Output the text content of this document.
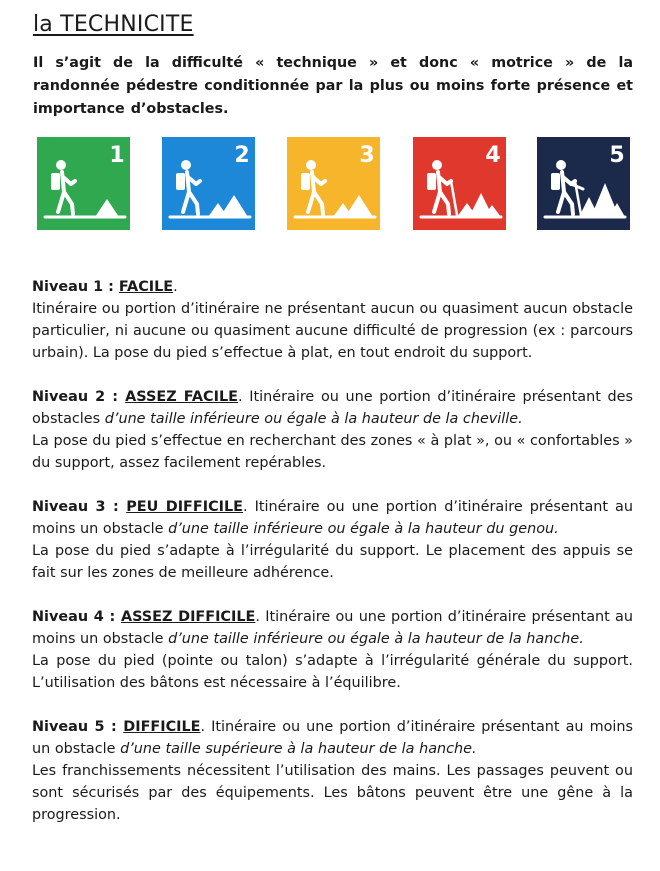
la TECHNICITE
Il s’agit de la difficulté « technique » et donc « motrice » de la randonnée pédestre conditionnée par la plus ou moins forte présence et importance d’obstacles.
1	2	3	4	5

Niveau 1 : FACILE.
Itinéraire ou portion d’itinéraire ne présentant aucun ou quasiment aucun obstacle particulier, ni aucune ou quasiment aucune difficulté de progression (ex : parcours urbain). La pose du pied s’effectue à plat, en tout endroit du support.

Niveau 2 : ASSEZ FACILE. Itinéraire ou une portion d’itinéraire présentant des obstacles d’une taille inférieure ou égale à la hauteur de la cheville.
La pose du pied s’effectue en recherchant des zones « à plat », ou « confortables » du support, assez facilement repérables.

Niveau 3 : PEU DIFFICILE. Itinéraire ou une portion d’itinéraire présentant au moins un obstacle d’une taille inférieure ou égale à la hauteur du genou.
La pose du pied s’adapte à l’irrégularité du support. Le placement des appuis se fait sur les zones de meilleure adhérence.

Niveau 4 : ASSEZ DIFFICILE. Itinéraire ou une portion d’itinéraire présentant au moins un obstacle d’une taille inférieure ou égale à la hauteur de la hanche.
La pose du pied (pointe ou talon) s’adapte à l’irrégularité générale du support. L’utilisation des bâtons est nécessaire à l’équilibre.

Niveau 5 : DIFFICILE. Itinéraire ou une portion d’itinéraire présentant au moins un obstacle d’une taille supérieure à la hauteur de la hanche.
Les franchissements nécessitent l’utilisation des mains. Les passages peuvent ou sont sécurisés par des équipements. Les bâtons peuvent être une gêne à la progression.
